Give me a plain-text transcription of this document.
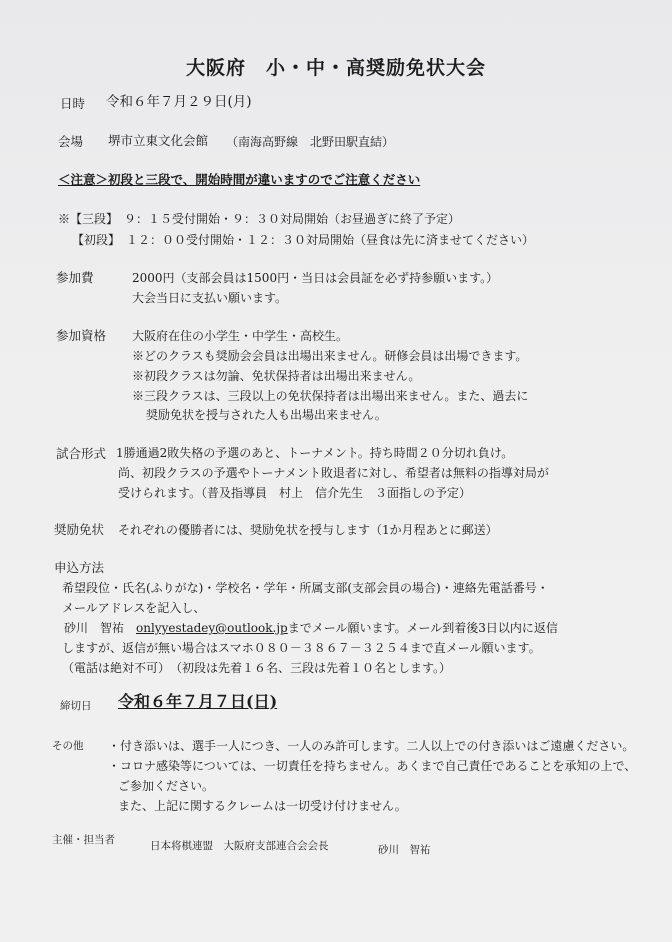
大阪府　小・中・高奨励免状大会
日時 令和６年７月２９日(月)
会場 堺市立東文化会館 （南海高野線　北野田駅直結）
＜注意＞初段と三段で、開始時間が違いますのでご注意ください
※【三段】　９：１５受付開始・９：３０対局開始（お昼過ぎに終了予定）
【初段】　１２：００受付開始・１２：３０対局開始（昼食は先に済ませてください）
参加費	2000円（支部会員は1500円・当日は会員証を必ず持参願います。）
大会当日に支払い願います。
参加資格 大阪府在住の小学生・中学生・高校生。
※どのクラスも奨励会会員は出場出来ません。研修会員は出場できます。
※初段クラスは勿論、免状保持者は出場出来ません。
※三段クラスは、三段以上の免状保持者は出場出来ません。また、過去に
奨励免状を授与された人も出場出来ません。
試合形式 1勝通過2敗失格の予選のあと、トーナメント。持ち時間２０分切れ負け。
尚、初段クラスの予選やトーナメント敗退者に対し、希望者は無料の指導対局が
受けられます。（普及指導員　村上　信介先生　３面指しの予定）
奨励免状 それぞれの優勝者には、奨励免状を授与します（1か月程あとに郵送）
申込方法
希望段位・氏名(ふりがな)・学校名・学年・所属支部(支部会員の場合)・連絡先電話番号・
メールアドレスを記入し、
砂川　智祐　onlyyestadey@outlook.jpまでメール願います。メール到着後3日以内に返信
しますが、返信が無い場合はスマホ０８０－３８６７－３２５４まで直メール願います。
（電話は絶対不可）　（初段は先着１６名、三段は先着１０名とします。）
締切日 令和６年７月７日(日)
その他 ・付き添いは、選手一人につき、一人のみ許可します。二人以上での付き添いはご遠慮ください。
・コロナ感染等については、一切責任を持ちません。あくまで自己責任であることを承知の上で、
ご参加ください。
また、上記に関するクレームは一切受け付けません。
主催・担当者	日本将棋連盟　大阪府支部連合会会長	砂川　智祐
